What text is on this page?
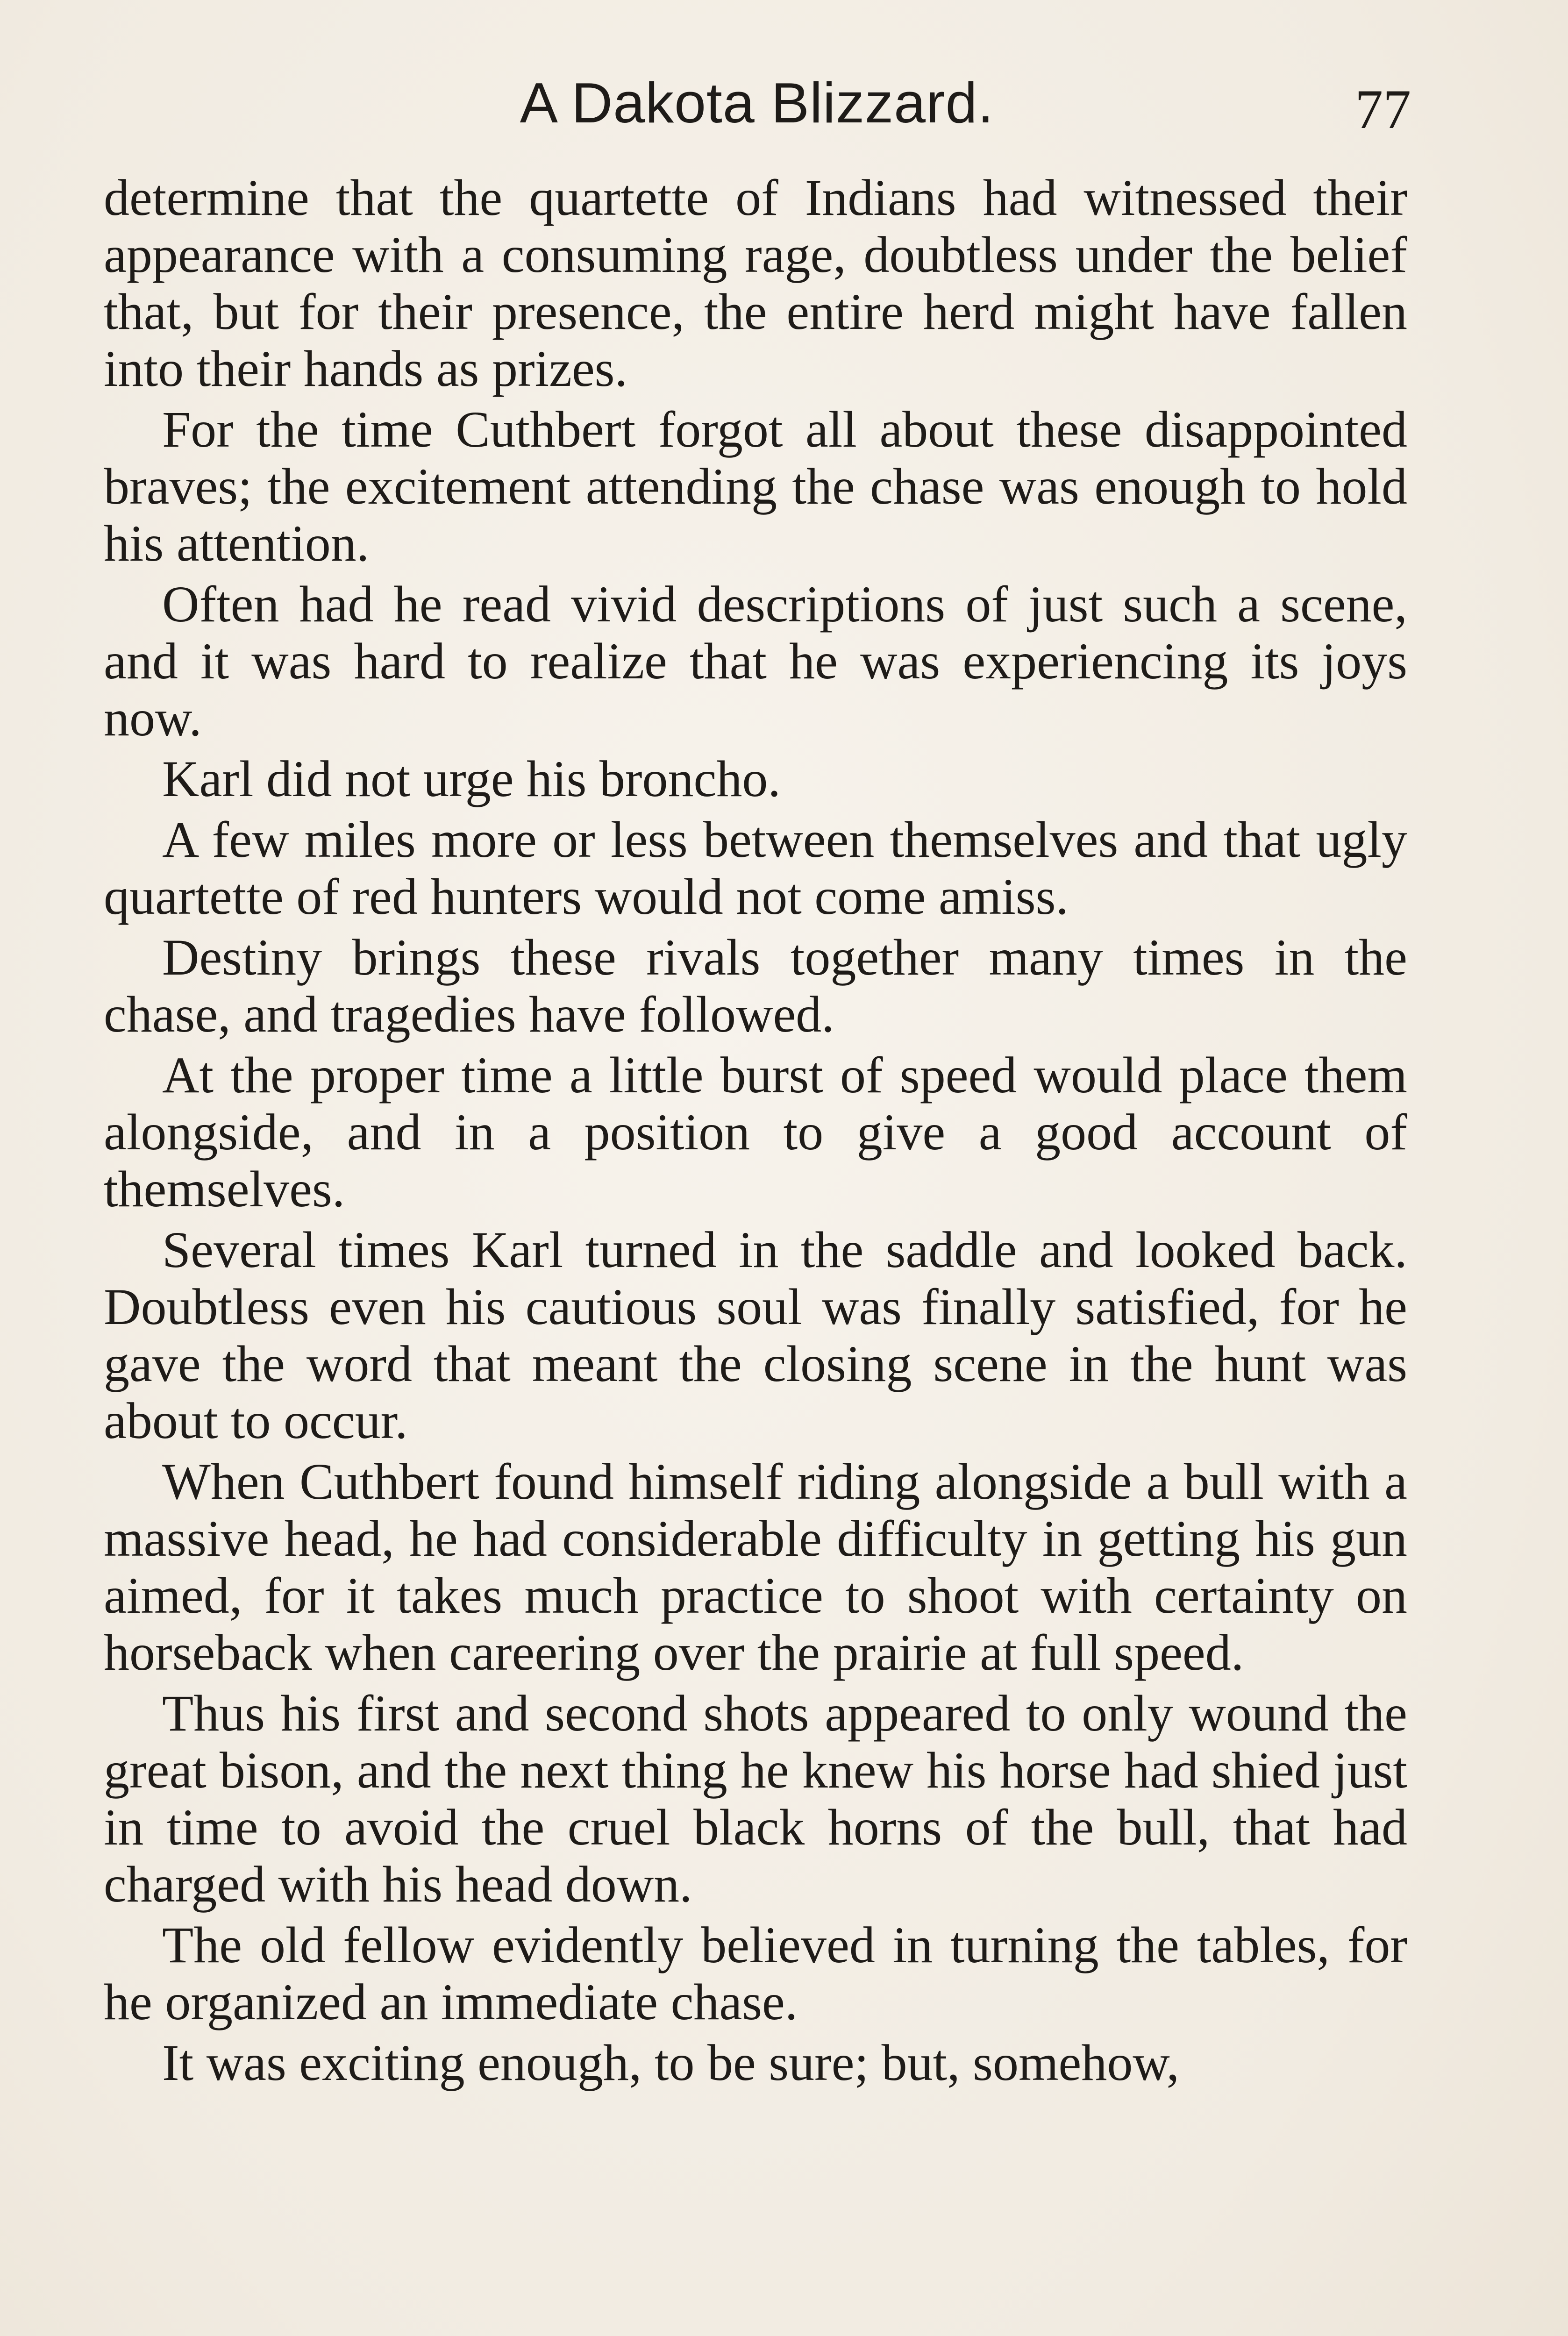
A Dakota Blizzard.	77

determine that the quartette of Indians had witnessed their appearance with a consuming rage, doubtless under the belief that, but for their presence, the entire herd might have fallen into their hands as prizes.

For the time Cuthbert forgot all about these disappointed braves; the excitement attending the chase was enough to hold his attention.

Often had he read vivid descriptions of just such a scene, and it was hard to realize that he was experiencing its joys now.

Karl did not urge his broncho.

A few miles more or less between themselves and that ugly quartette of red hunters would not come amiss.

Destiny brings these rivals together many times in the chase, and tragedies have followed.

At the proper time a little burst of speed would place them alongside, and in a position to give a good account of themselves.

Several times Karl turned in the saddle and looked back. Doubtless even his cautious soul was finally satisfied, for he gave the word that meant the closing scene in the hunt was about to occur.

When Cuthbert found himself riding alongside a bull with a massive head, he had considerable difficulty in getting his gun aimed, for it takes much practice to shoot with certainty on horseback when careering over the prairie at full speed.

Thus his first and second shots appeared to only wound the great bison, and the next thing he knew his horse had shied just in time to avoid the cruel black horns of the bull, that had charged with his head down.

The old fellow evidently believed in turning the tables, for he organized an immediate chase.

It was exciting enough, to be sure; but, somehow,
